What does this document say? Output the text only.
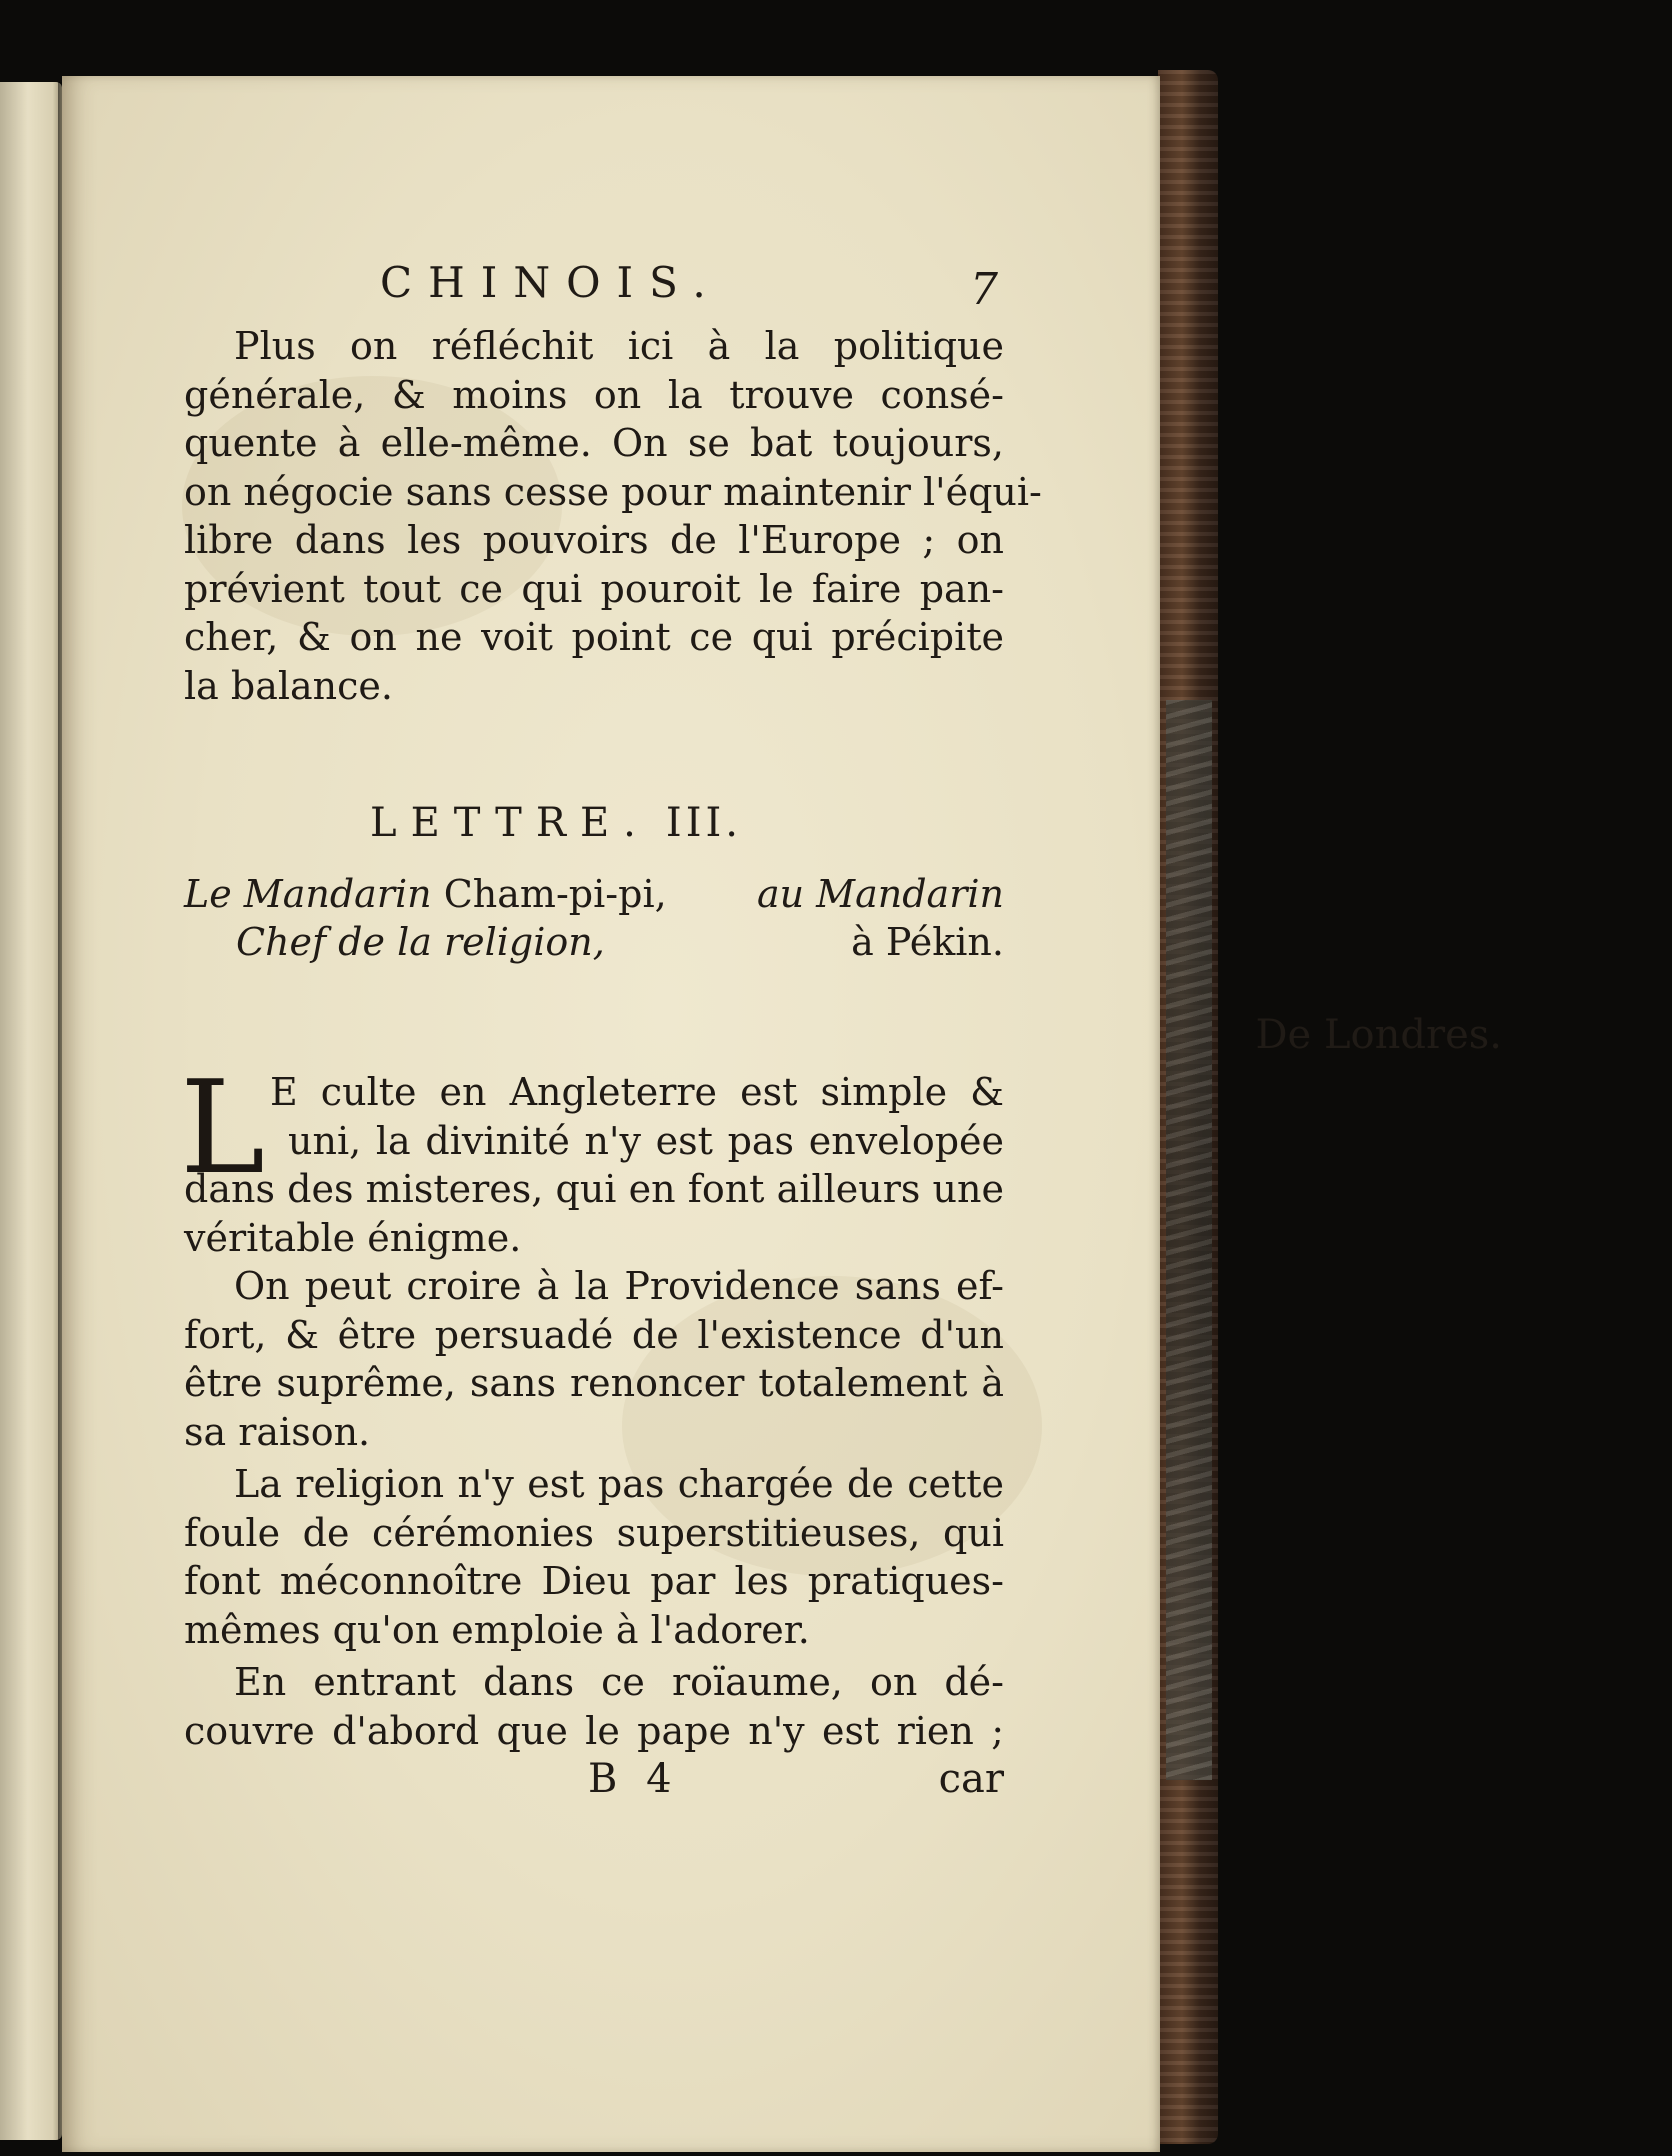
CHINOIS.	7
Plus on réfléchit ici à la politique
générale, & moins on la trouve consé-
quente à elle-même. On se bat toujours,
on négocie sans cesse pour maintenir l'équi-
libre dans les pouvoirs de l'Europe ; on
prévient tout ce qui pouroit le faire pan-
cher, & on ne voit point ce qui précipite
la balance.
LETTRE. III.
Le Mandarin Cham-pi-pi, au Mandarin
Chef de la religion,	à Pékin.
De Londres.
L E culte en Angleterre est simple &
uni, la divinité n'y est pas envelopée
dans des misteres, qui en font ailleurs une
véritable énigme.
On peut croire à la Providence sans ef-
fort, & être persuadé de l'existence d'un
être suprême, sans renoncer totalement à
sa raison.
La religion n'y est pas chargée de cette
foule de cérémonies superstitieuses, qui
font méconnoître Dieu par les pratiques-
mêmes qu'on emploie à l'adorer.
En entrant dans ce roïaume, on dé-
couvre d'abord que le pape n'y est rien ;
B 4	car
